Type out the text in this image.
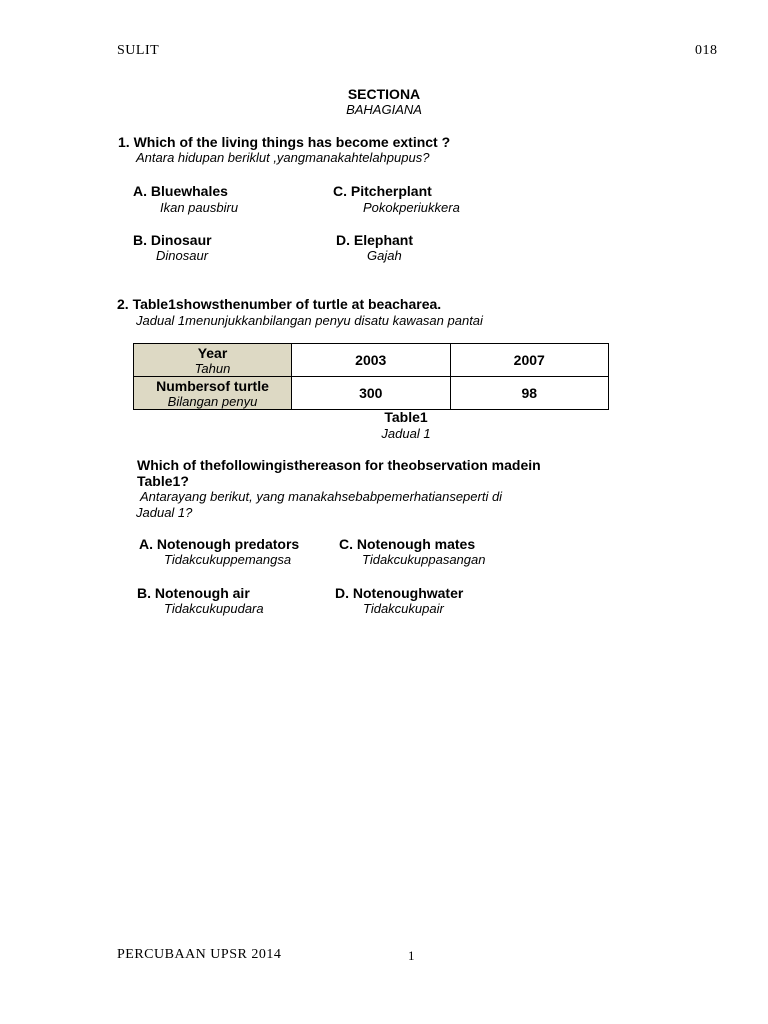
SULIT	018
SECTIONA
BAHAGIANA
1. Which of the living things has become extinct ?
Antara hidupan beriklut ,yangmanakahtelahpupus?
A. Bluewhales
Ikan pausbiru
C. Pitcherplant
Pokokperiukkera
B. Dinosaur
Dinosaur
D. Elephant
Gajah
2. Table1showsthenumber of turtle at beacharea.
Jadual 1menunjukkanbilangan penyu disatu kawasan pantai
Year
Tahun	2003	2007

Numbersof turtle
Bilangan penyu	300	98
Table1
Jadual 1
Which of thefollowingisthereason for theobservation madein
Table1?
Antarayang berikut, yang manakahsebabpemerhatianseperti di
Jadual 1?
A. Notenough predators
Tidakcukuppemangsa
C. Notenough mates
Tidakcukuppasangan
B. Notenough air
Tidakcukupudara
D. Notenoughwater
Tidakcukupair
PERCUBAAN UPSR 2014	1
